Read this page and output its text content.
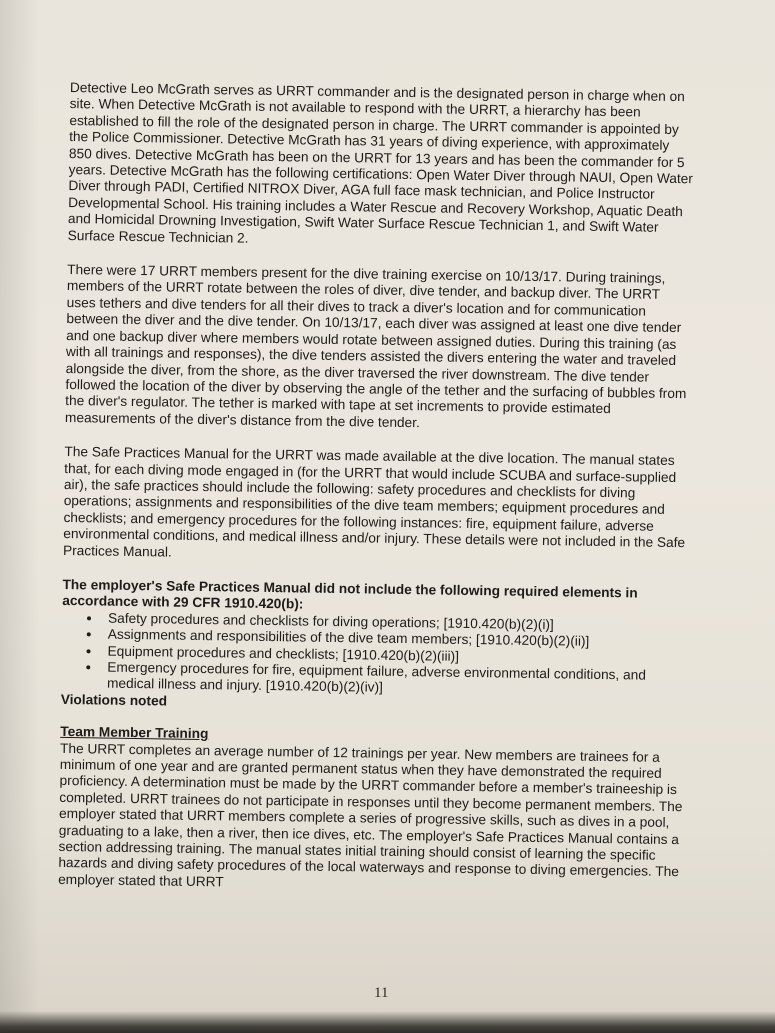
Detective Leo McGrath serves as URRT commander and is the designated person in charge when on site. When Detective McGrath is not available to respond with the URRT, a hierarchy has been established to fill the role of the designated person in charge. The URRT commander is appointed by the Police Commissioner. Detective McGrath has 31 years of diving experience, with approximately 850 dives. Detective McGrath has been on the URRT for 13 years and has been the commander for 5 years. Detective McGrath has the following certifications: Open Water Diver through NAUI, Open Water Diver through PADI, Certified NITROX Diver, AGA full face mask technician, and Police Instructor Developmental School. His training includes a Water Rescue and Recovery Workshop, Aquatic Death and Homicidal Drowning Investigation, Swift Water Surface Rescue Technician 1, and Swift Water Surface Rescue Technician 2.

There were 17 URRT members present for the dive training exercise on 10/13/17. During trainings, members of the URRT rotate between the roles of diver, dive tender, and backup diver. The URRT uses tethers and dive tenders for all their dives to track a diver's location and for communication between the diver and the dive tender. On 10/13/17, each diver was assigned at least one dive tender and one backup diver where members would rotate between assigned duties. During this training (as with all trainings and responses), the dive tenders assisted the divers entering the water and traveled alongside the diver, from the shore, as the diver traversed the river downstream. The dive tender followed the location of the diver by observing the angle of the tether and the surfacing of bubbles from the diver's regulator. The tether is marked with tape at set increments to provide estimated measurements of the diver's distance from the dive tender.

The Safe Practices Manual for the URRT was made available at the dive location. The manual states that, for each diving mode engaged in (for the URRT that would include SCUBA and surface-supplied air), the safe practices should include the following: safety procedures and checklists for diving operations; assignments and responsibilities of the dive team members; equipment procedures and checklists; and emergency procedures for the following instances: fire, equipment failure, adverse environmental conditions, and medical illness and/or injury. These details were not included in the Safe Practices Manual.

The employer's Safe Practices Manual did not include the following required elements in accordance with 29 CFR 1910.420(b):
• Safety procedures and checklists for diving operations; [1910.420(b)(2)(i)]
• Assignments and responsibilities of the dive team members; [1910.420(b)(2)(ii)]
• Equipment procedures and checklists; [1910.420(b)(2)(iii)]
• Emergency procedures for fire, equipment failure, adverse environmental conditions, and medical illness and injury. [1910.420(b)(2)(iv)]
Violations noted
Team Member Training

The URRT completes an average number of 12 trainings per year. New members are trainees for a minimum of one year and are granted permanent status when they have demonstrated the required proficiency. A determination must be made by the URRT commander before a member's traineeship is completed. URRT trainees do not participate in responses until they become permanent members. The employer stated that URRT members complete a series of progressive skills, such as dives in a pool, graduating to a lake, then a river, then ice dives, etc. The employer's Safe Practices Manual contains a section addressing training. The manual states initial training should consist of learning the specific hazards and diving safety procedures of the local waterways and response to diving emergencies. The employer stated that URRT

11
